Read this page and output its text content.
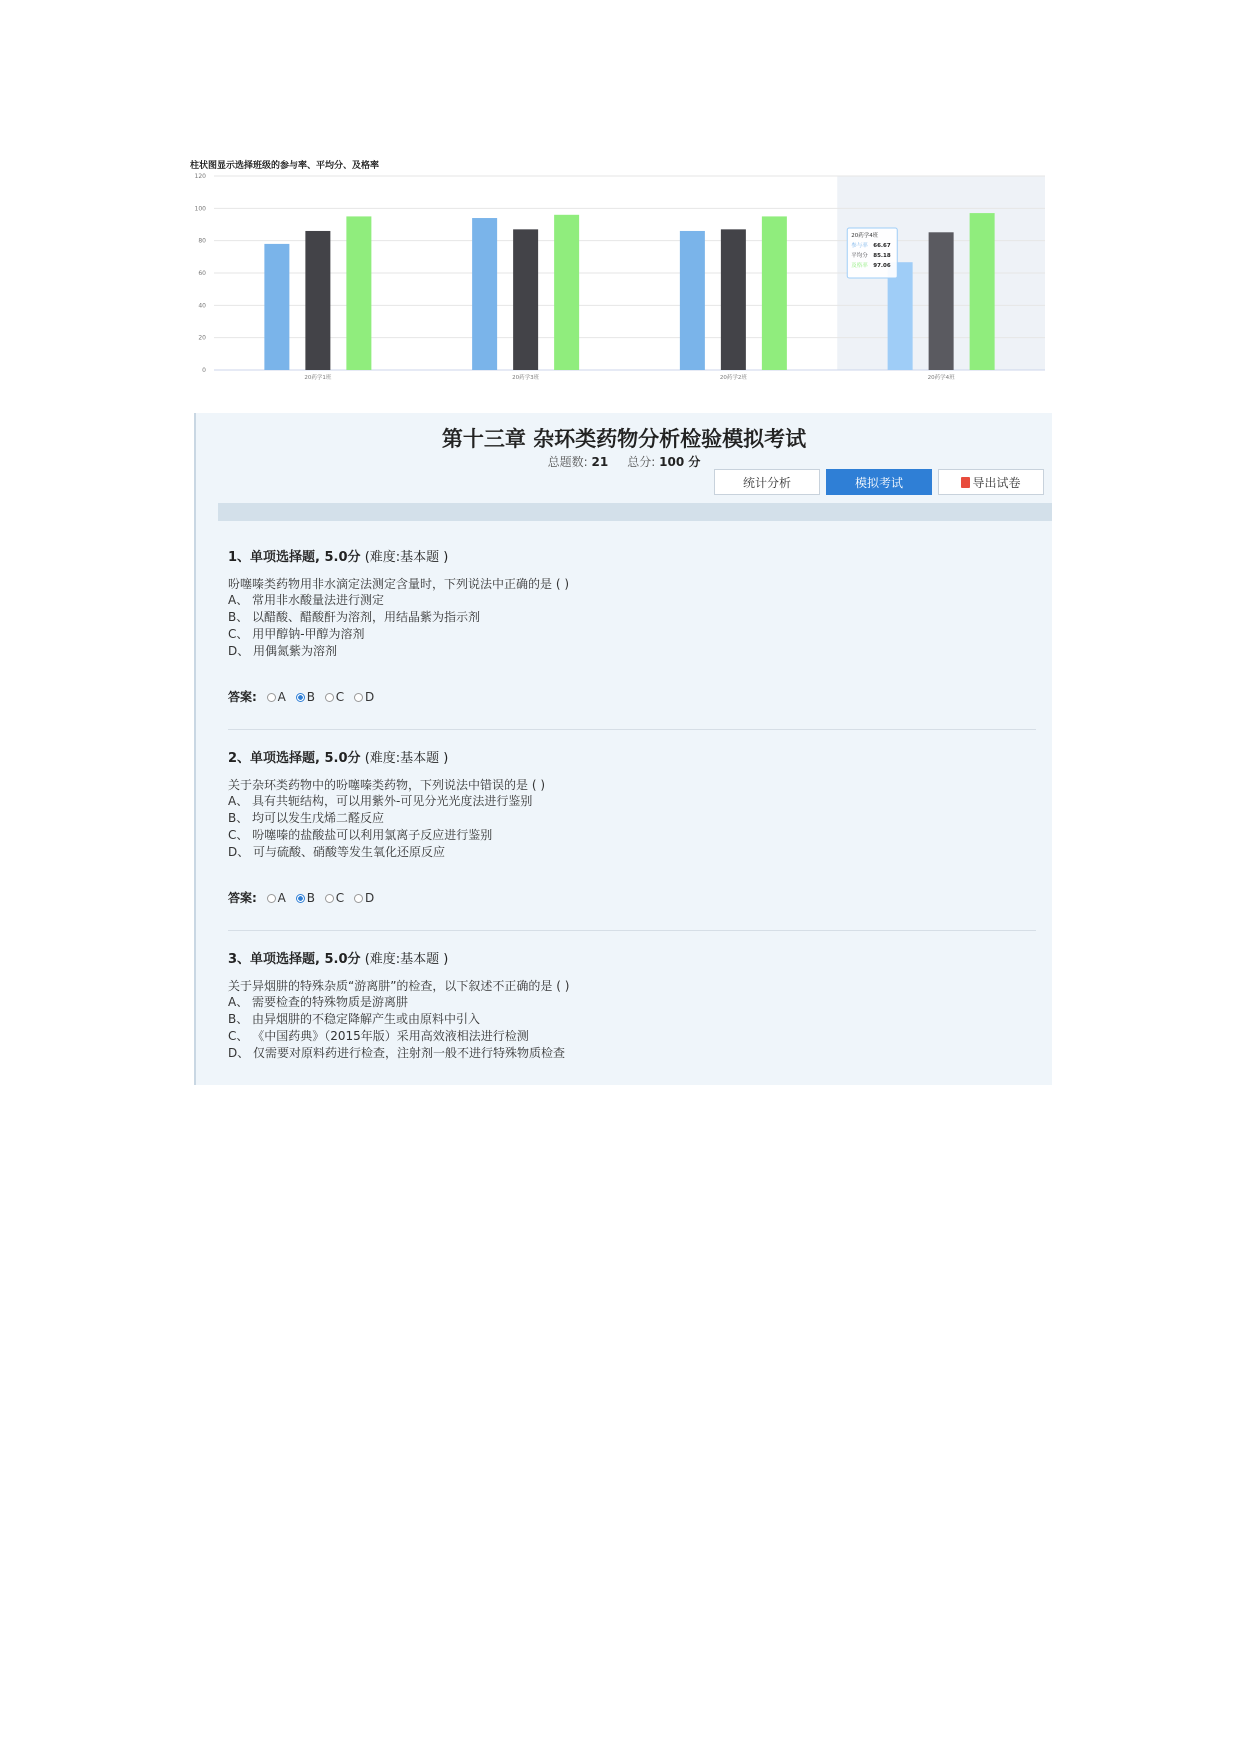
柱状图显示选择班级的参与率、平均分、及格率
0
20
40
60
80
100
120
20药学1班	20药学3班	20药学2班	20药学4班
20药学4班
参与率 66.67
平均分 85.18
及格率 97.06
第十三章 杂环类药物分析检验模拟考试
总题数: 21 总分: 100 分
统计分析	模拟考试	导出试卷
1、单项选择题, 5.0分 (难度:基本题 )
吩噻嗪类药物用非水滴定法测定含量时，下列说法中正确的是 ( )
A、 常用非水酸量法进行测定
B、 以醋酸、醋酸酐为溶剂，用结晶紫为指示剂
C、 用甲醇钠-甲醇为溶剂
D、 用偶氮紫为溶剂
答案: A B C D
2、单项选择题, 5.0分 (难度:基本题 )
关于杂环类药物中的吩噻嗪类药物，下列说法中错误的是 ( )
A、 具有共轭结构，可以用紫外-可见分光光度法进行鉴别
B、 均可以发生戊烯二醛反应
C、 吩噻嗪的盐酸盐可以利用氯离子反应进行鉴别
D、 可与硫酸、硝酸等发生氧化还原反应
答案: A B C D
3、单项选择题, 5.0分 (难度:基本题 )
关于异烟肼的特殊杂质“游离肼”的检查，以下叙述不正确的是 ( )
A、 需要检查的特殊物质是游离肼
B、 由异烟肼的不稳定降解产生或由原料中引入
C、 《中国药典》（2015年版）采用高效液相法进行检测
D、 仅需要对原料药进行检查，注射剂一般不进行特殊物质检查
